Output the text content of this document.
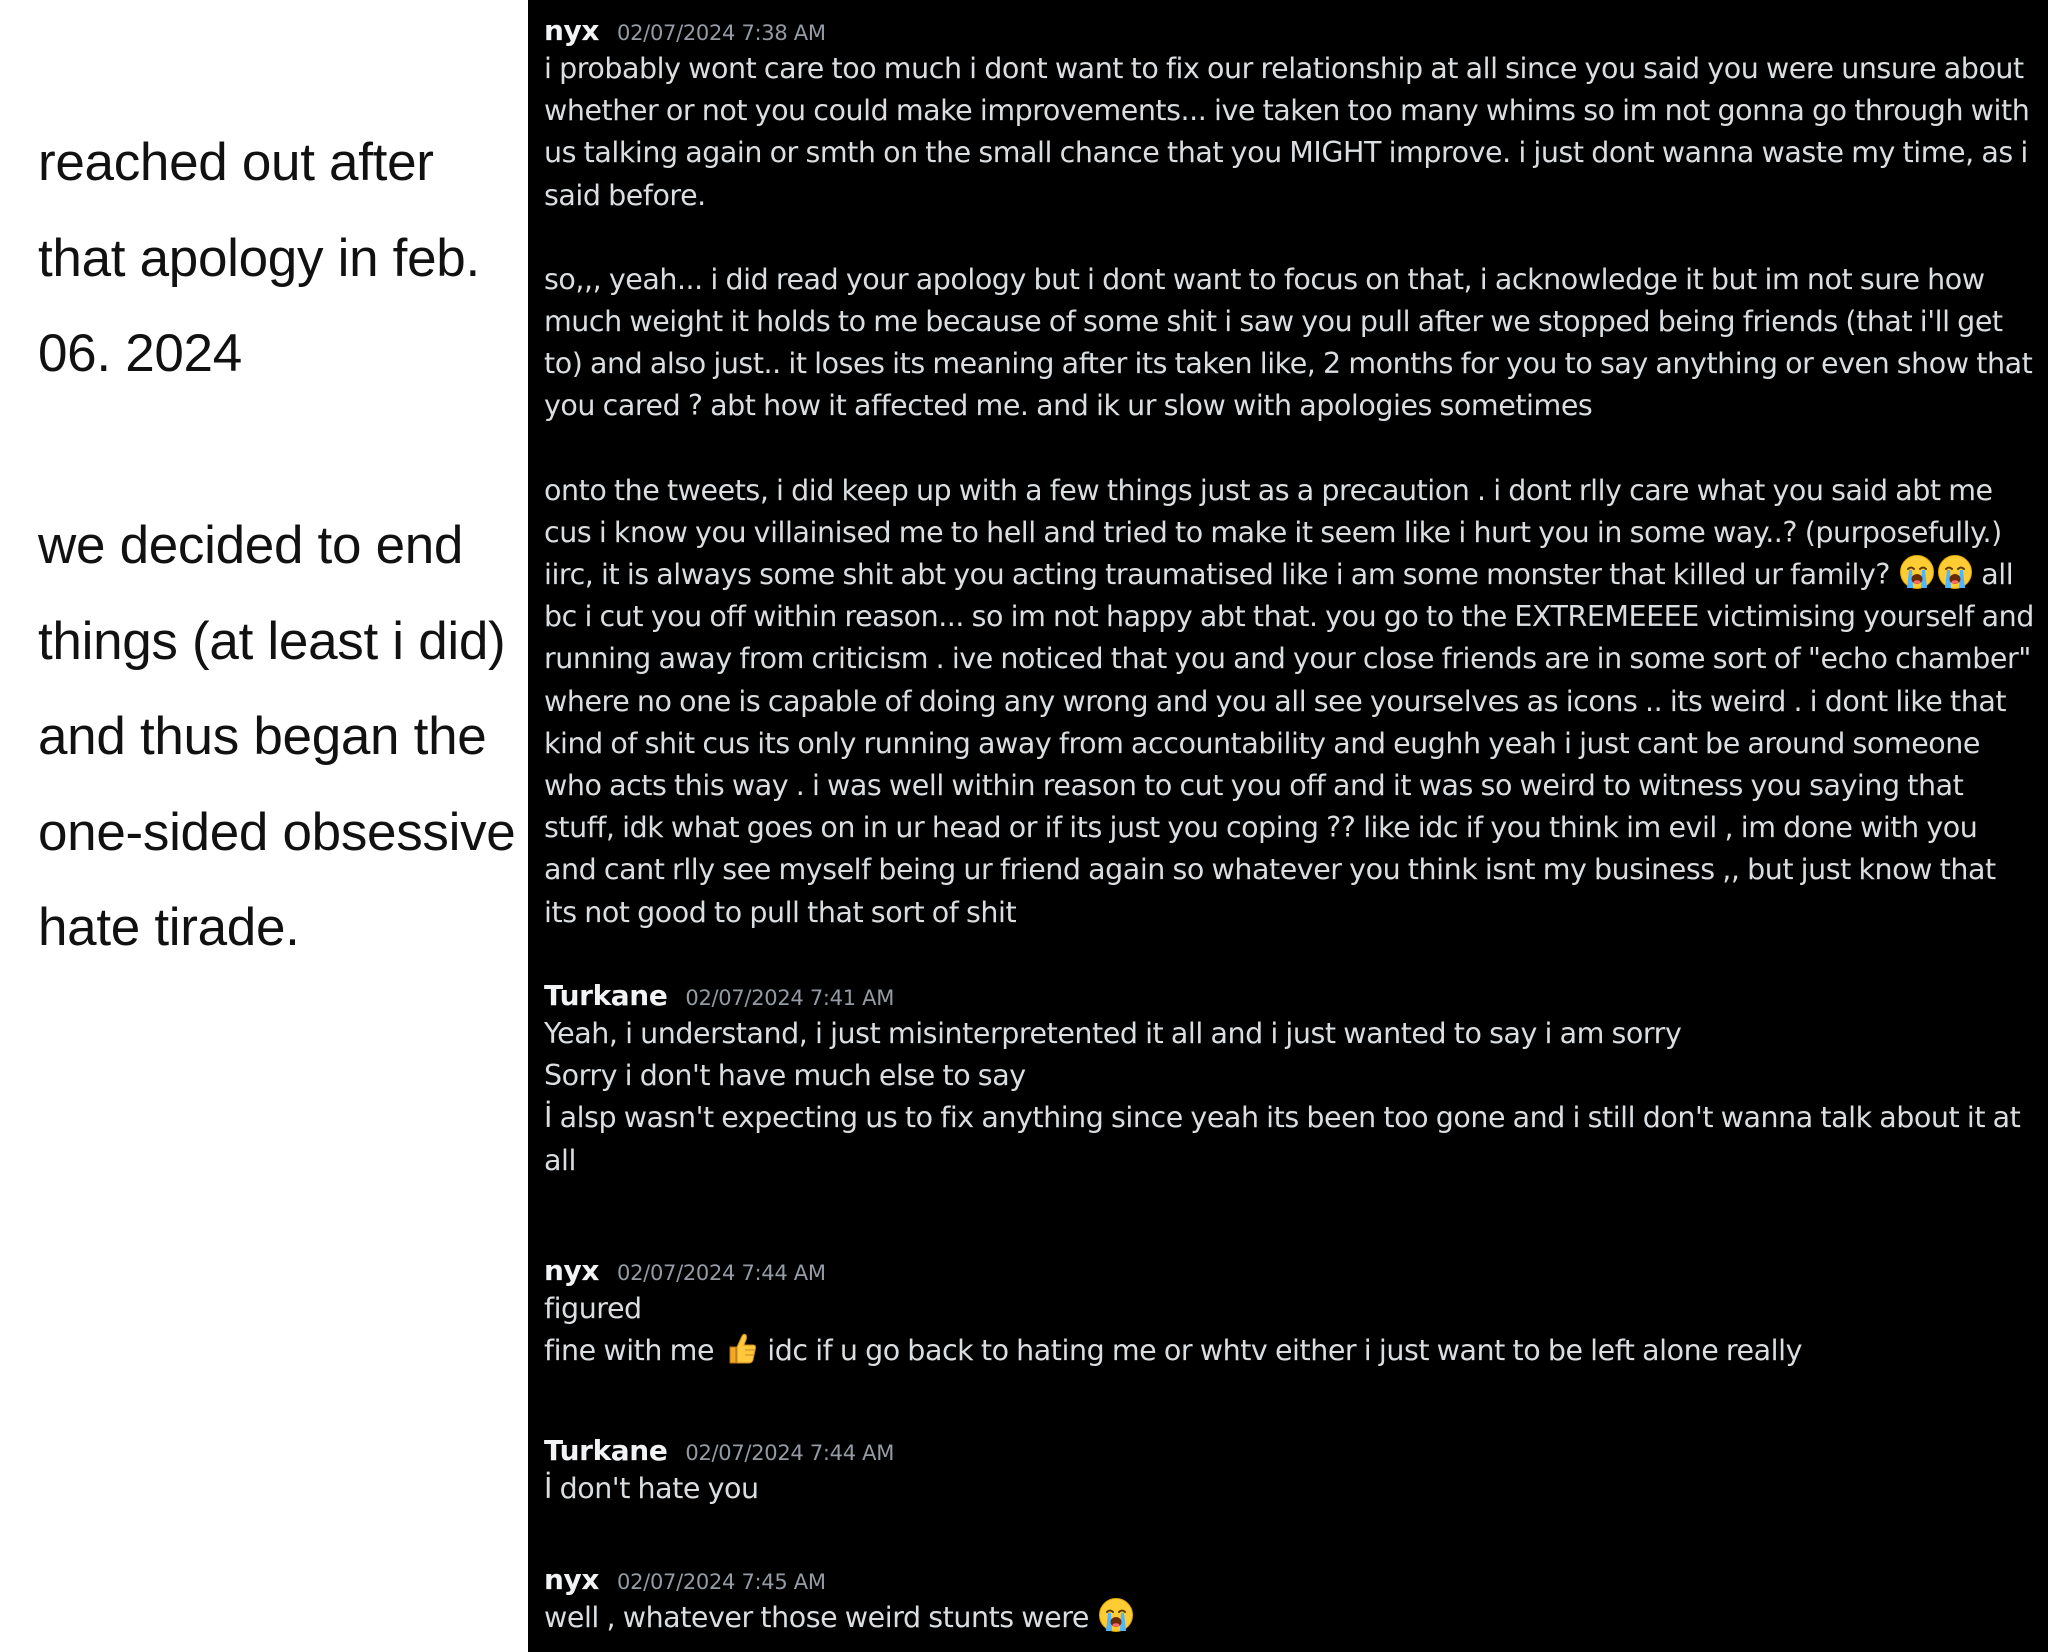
reached out after that apology in feb. 06. 2024

we decided to end things (at least i did) and thus began the one-sided obsessive hate tirade.

nyx 02/07/2024 7:38 AM

i probably wont care too much i dont want to fix our relationship at all since you said you were unsure about whether or not you could make improvements... ive taken too many whims so im not gonna go through with us talking again or smth on the small chance that you MIGHT improve. i just dont wanna waste my time, as i said before.

so,,, yeah... i did read your apology but i dont want to focus on that, i acknowledge it but im not sure how much weight it holds to me because of some shit i saw you pull after we stopped being friends (that i'll get to) and also just.. it loses its meaning after its taken like, 2 months for you to say anything or even show that you cared ? abt how it affected me. and ik ur slow with apologies sometimes

onto the tweets, i did keep up with a few things just as a precaution . i dont rlly care what you said abt me cus i know you villainised me to hell and tried to make it seem like i hurt you in some way..? (purposefully.) iirc, it is always some shit abt you acting traumatised like i am some monster that killed ur family?	all bc i cut you off within reason... so im not happy abt that. you go to the EXTREMEEEE victimising yourself and running away from criticism . ive noticed that you and your close friends are in some sort of "echo chamber" where no one is capable of doing any wrong and you all see yourselves as icons .. its weird . i dont like that kind of shit cus its only running away from accountability and eughh yeah i just cant be around someone who acts this way . i was well within reason to cut you off and it was so weird to witness you saying that stuff, idk what goes on in ur head or if its just you coping ?? like idc if you think im evil , im done with you and cant rlly see myself being ur friend again so whatever you think isnt my business ,, but just know that its not good to pull that sort of shit

Turkane 02/07/2024 7:41 AM

Yeah, i understand, i just misinterpretented it all and i just wanted to say i am sorry

Sorry i don't have much else to say

İ alsp wasn't expecting us to fix anything since yeah its been too gone and i still don't wanna talk about it at all

nyx 02/07/2024 7:44 AM

figured

fine with me idc if u go back to hating me or whtv either i just want to be left alone really

Turkane 02/07/2024 7:44 AM

İ don't hate you

nyx 02/07/2024 7:45 AM

well , whatever those weird stunts were
